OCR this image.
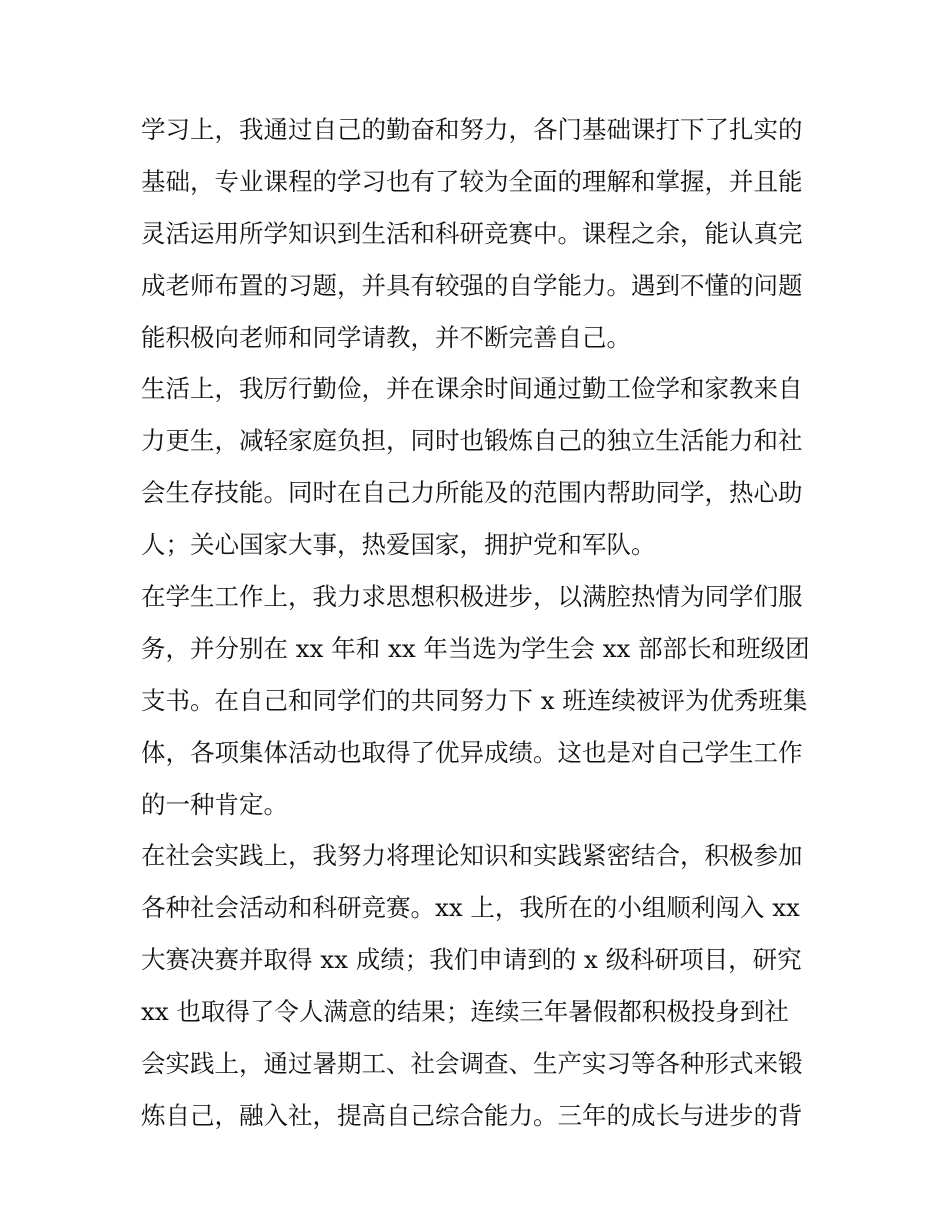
学习上，我通过自己的勤奋和努力，各门基础课打下了扎实的

基础，专业课程的学习也有了较为全面的理解和掌握，并且能

灵活运用所学知识到生活和科研竞赛中。课程之余，能认真完

成老师布置的习题，并具有较强的自学能力。遇到不懂的问题

能积极向老师和同学请教，并不断完善自己。

生活上，我厉行勤俭，并在课余时间通过勤工俭学和家教来自

力更生，减轻家庭负担，同时也锻炼自己的独立生活能力和社

会生存技能。同时在自己力所能及的范围内帮助同学，热心助

人；关心国家大事，热爱国家，拥护党和军队。

在学生工作上，我力求思想积极进步，以满腔热情为同学们服

务，并分别在 xx 年和 xx 年当选为学生会 xx 部部长和班级团

支书。在自己和同学们的共同努力下 x 班连续被评为优秀班集

体，各项集体活动也取得了优异成绩。这也是对自己学生工作

的一种肯定。

在社会实践上，我努力将理论知识和实践紧密结合，积极参加

各种社会活动和科研竞赛。xx 上，我所在的小组顺利闯入 xx

大赛决赛并取得 xx 成绩；我们申请到的 x 级科研项目，研究

xx 也取得了令人满意的结果；连续三年暑假都积极投身到社

会实践上，通过暑期工、社会调查、生产实习等各种形式来锻

炼自己，融入社，提高自己综合能力。三年的成长与进步的背
